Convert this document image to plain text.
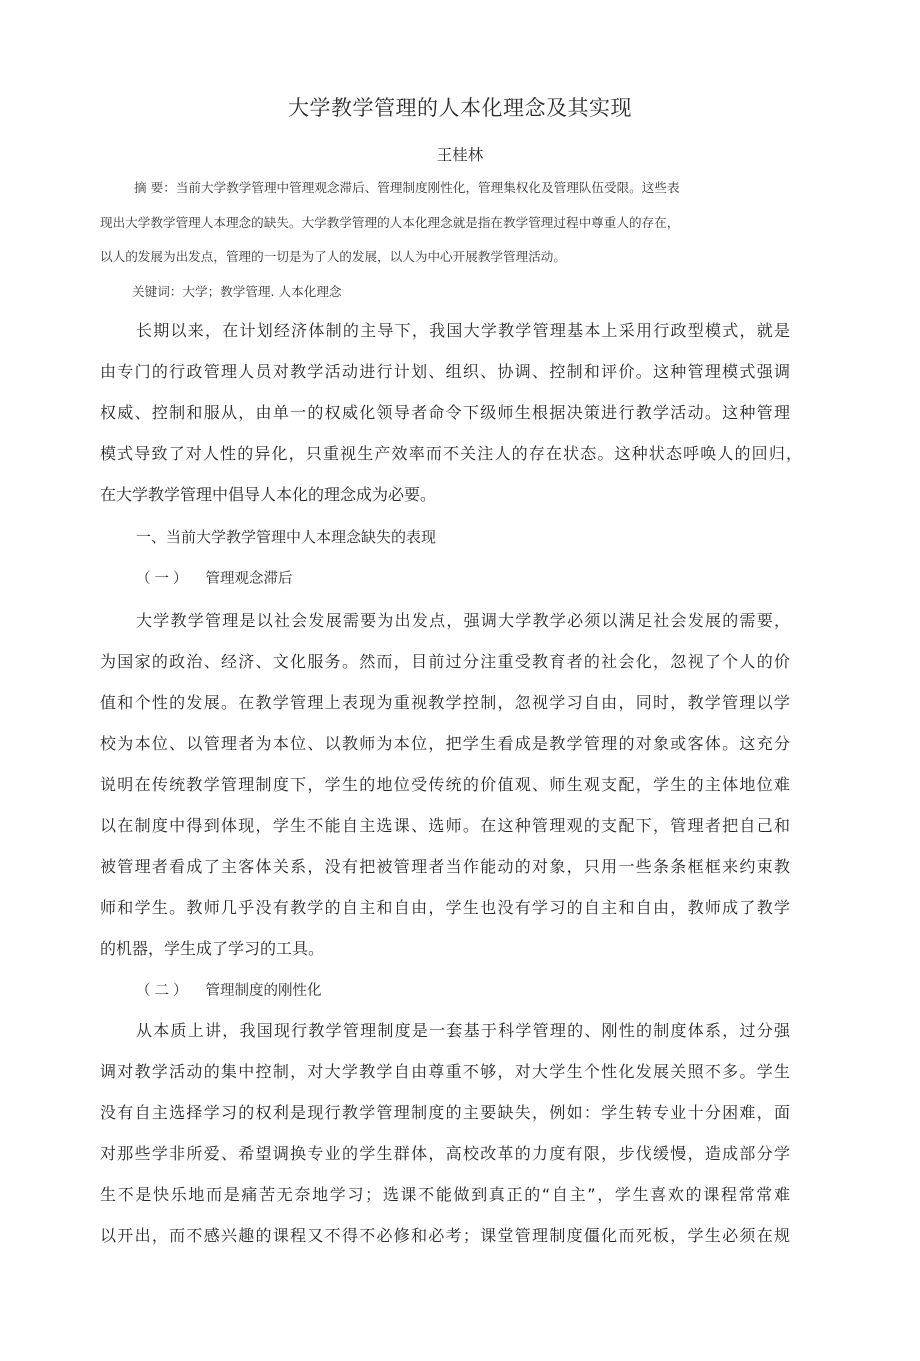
大学教学管理的人本化理念及其实现
王桂林
摘 要：当前大学教学管理中管理观念滞后、管理制度刚性化，管理集权化及管理队伍受限。这些表
现出大学教学管理人本理念的缺失。大学教学管理的人本化理念就是指在教学管理过程中尊重人的存在，
以人的发展为出发点，管理的一切是为了人的发展，以人为中心开展教学管理活动。
关键词：大学；教学管理. 人本化理念
长期以来，在计划经济体制的主导下，我国大学教学管理基本上采用行政型模式，就是
由专门的行政管理人员对教学活动进行计划、组织、协调、控制和评价。这种管理模式强调
权威、控制和服从，由单一的权威化领导者命令下级师生根据决策进行教学活动。这种管理
模式导致了对人性的异化，只重视生产效率而不关注人的存在状态。这种状态呼唤人的回归，
在大学教学管理中倡导人本化的理念成为必要。
一、当前大学教学管理中人本理念缺失的表现
（一） 管理观念滞后
大学教学管理是以社会发展需要为出发点，强调大学教学必须以满足社会发展的需要，
为国家的政治、经济、文化服务。然而，目前过分注重受教育者的社会化，忽视了个人的价
值和个性的发展。在教学管理上表现为重视教学控制，忽视学习自由，同时，教学管理以学
校为本位、以管理者为本位、以教师为本位，把学生看成是教学管理的对象或客体。这充分
说明在传统教学管理制度下，学生的地位受传统的价值观、师生观支配，学生的主体地位难
以在制度中得到体现，学生不能自主选课、选师。在这种管理观的支配下，管理者把自己和
被管理者看成了主客体关系，没有把被管理者当作能动的对象，只用一些条条框框来约束教
师和学生。教师几乎没有教学的自主和自由，学生也没有学习的自主和自由，教师成了教学
的机器，学生成了学习的工具。
（二） 管理制度的刚性化
从本质上讲，我国现行教学管理制度是一套基于科学管理的、刚性的制度体系，过分强
调对教学活动的集中控制，对大学教学自由尊重不够，对大学生个性化发展关照不多。学生
没有自主选择学习的权利是现行教学管理制度的主要缺失，例如：学生转专业十分困难，面
对那些学非所爱、希望调换专业的学生群体，高校改革的力度有限，步伐缓慢，造成部分学
生不是快乐地而是痛苦无奈地学习；选课不能做到真正的“自主”，学生喜欢的课程常常难
以开出，而不感兴趣的课程又不得不必修和必考；课堂管理制度僵化而死板，学生必须在规
